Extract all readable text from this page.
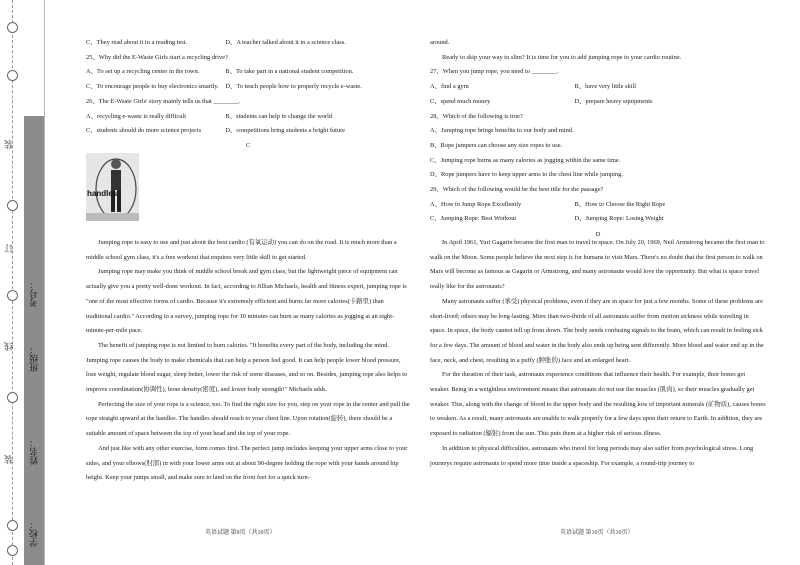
装
订
线
装
考号：
班级：
姓名：
学校：
C、They read about it in a reading test.	D、A teacher talked about it in a science class.

25、Why did the E-Waste Girls start a recycling drive?

A、To set up a recycling center in the town.	B、To take part in a national student competition.
C、To encourage people to buy electronics smartly.	D、To teach people how to properly recycle e-waste.

26、The E-Waste Girls' story mainly tells us that ________.

A、recycling e-waste is really difficult	B、students can help to change the world
C、students should do more science projects	D、competitions bring students a bright future
C

Jumping rope is easy to use and just about the best cardio (有氧运动) you can do on the road. It is much more than a middle school gym class, it's a free workout that requires very little skill to get started.

Jumping rope may make you think of middle school break and gym class, but the lightweight piece of equipment can actually give you a pretty well-done workout. In fact, according to Jillian Michaels, health and fitness expert, jumping rope is "one of the most effective forms of cardio. Because it's extremely efficient and burns far more calories(卡路里) than traditional cardio." According to a survey, jumping rope for 10 minutes can burn as many calories as jogging at an eight-minute-per-mile pace.

The benefit of jumping rope is not limited to burn calories. "It benefits every part of the body, including the mind. Jumping rope causes the body to make chemicals that can help a person feel good. It can help people lower blood pressure, lose weight, regulate blood sugar, sleep better, lower the risk of some diseases, and so on. Besides, jumping rope also helps to improve coordination(协调性), bone density(密度), and lower body strength!" Michaels adds.

Perfecting the size of your rope is a science, too. To find the right size for you, step on your rope in the center and pull the rope straight upward at the handles. The handles should reach to your chest line. Upon rotation(旋转), there should be a suitable amount of space between the top of your head and the top of your rope.

And just like with any other exercise, form comes first. The perfect jump includes keeping your upper arms close to your sides, and your elbows(肘部) in with your lower arms out at about 90-degree holding the rope with your hands around hip height. Keep your jumps small, and make sure to land on the front feet for a quick turn-

handles

around.

Ready to skip your way to slim? It is time for you to add jumping rope to your cardio routine.

27、When you jump rope, you need to ________.

A、find a gym	B、have very little skill
C、spend much money	D、prepare heavy equipments

28、Which of the following is true?

A、Jumping rope brings benefits to our body and mind.

B、Rope jumpers can choose any size ropes to use.

C、Jumping rope burns as many calories as jogging within the same time.

D、Rope jumpers have to keep upper arms to the chest line while jumping.

29、Which of the following would be the best title for the passage?

A、How to Jump Rope Excellently	B、How to Choose the Right Rope
C、Jumping Rope: Best Workout	D、Jumping Rope: Losing Weight
D

In April 1961, Yuri Gagarin became the first man to travel in space. On July 20, 1969, Neil Armstrong became the first man to walk on the Moon. Some people believe the next step is for humans to visit Mars. There's no doubt that the first person to walk on Mars will become as famous as Gagarin or Armstrong, and many astronauts would love the opportunity. But what is space travel really like for the astronauts?

Many astronauts suffer (承受) physical problems, even if they are in space for just a few months. Some of these problems are short-lived; others may be long-lasting. More than two-thirds of all astronauts suffer from motion sickness while traveling in space. In space, the body cannot tell up from down. The body sends confusing signals to the brain, which can result in feeling sick for a few days. The amount of blood and water in the body also ends up being sent differently. More blood and water end up in the face, neck, and chest, resulting in a puffy (肿胀的) face and an enlarged heart.

For the duration of their task, astronauts experience conditions that influence their health. For example, their bones get weaker. Being in a weightless environment means that astronauts do not use the muscles (肌肉), so their muscles gradually get weaker. This, along with the change of blood to the upper body and the resulting loss of important minerals (矿物质), causes bones to weaken. As a result, many astronauts are unable to walk properly for a few days upon their return to Earth. In addition, they are exposed to radiation (辐射) from the sun. This puts them at a higher risk of serious illness.

In addition to physical difficulties, astronauts who travel for long periods may also suffer from psychological stress. Long journeys require astronauts to spend more time inside a spaceship. For example, a round-trip journey to

英语试题 第9页（共10页）	英语试题 第10页（共10页）
